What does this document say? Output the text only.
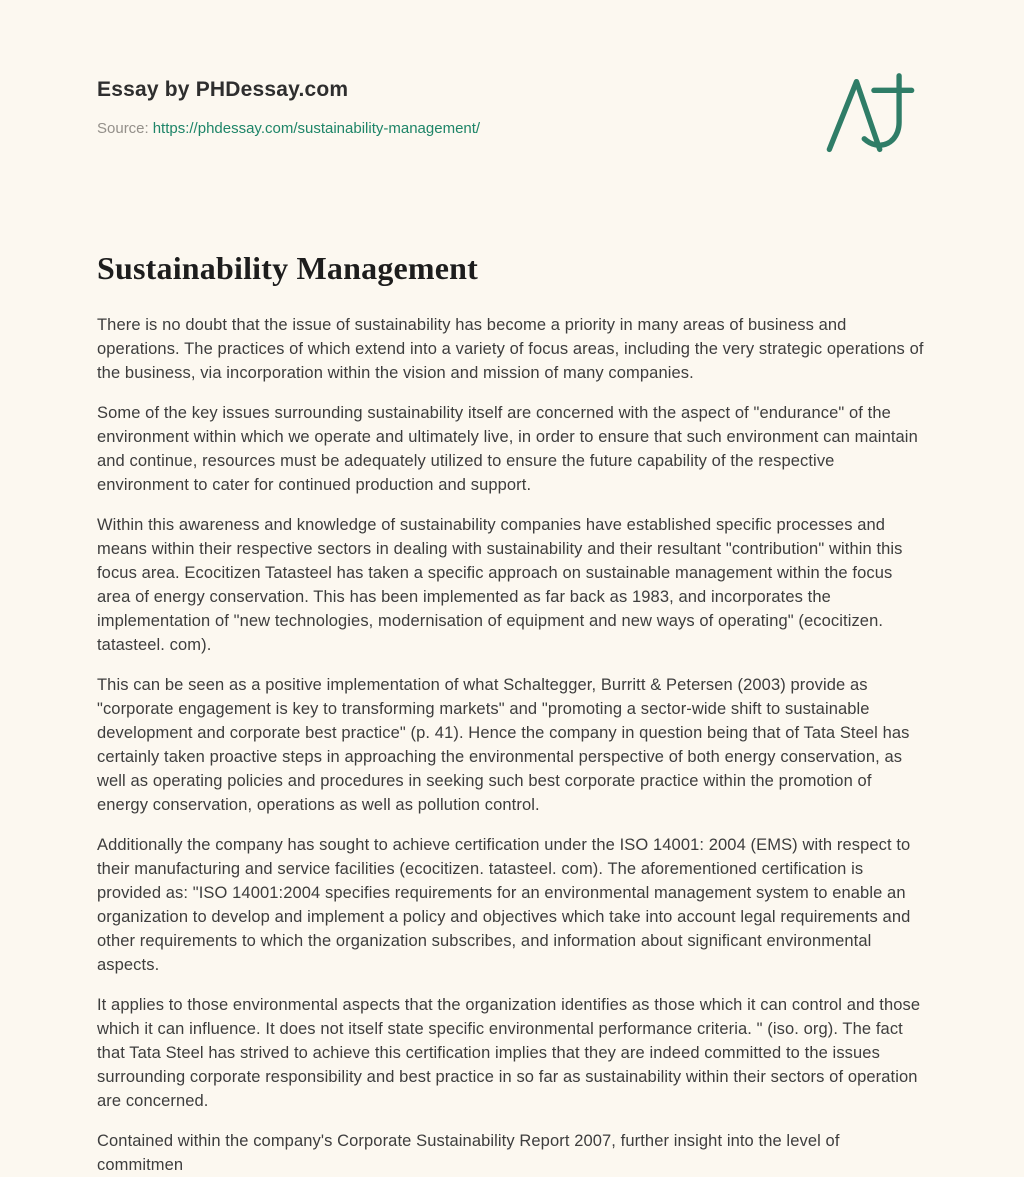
Essay by PHDessay.com
Source: https://phdessay.com/sustainability-management/
Sustainability Management

There is no doubt that the issue of sustainability has become a priority in many areas of business and operations. The practices of which extend into a variety of focus areas, including the very strategic operations of the business, via incorporation within the vision and mission of many companies.

Some of the key issues surrounding sustainability itself are concerned with the aspect of "endurance" of the environment within which we operate and ultimately live, in order to ensure that such environment can maintain and continue, resources must be adequately utilized to ensure the future capability of the respective environment to cater for continued production and support.

Within this awareness and knowledge of sustainability companies have established specific processes and means within their respective sectors in dealing with sustainability and their resultant "contribution" within this focus area. Ecocitizen Tatasteel has taken a specific approach on sustainable management within the focus area of energy conservation. This has been implemented as far back as 1983, and incorporates the implementation of "new technologies, modernisation of equipment and new ways of operating" (ecocitizen. tatasteel. com).

This can be seen as a positive implementation of what Schaltegger, Burritt & Petersen (2003) provide as "corporate engagement is key to transforming markets" and "promoting a sector-wide shift to sustainable development and corporate best practice" (p. 41). Hence the company in question being that of Tata Steel has certainly taken proactive steps in approaching the environmental perspective of both energy conservation, as well as operating policies and procedures in seeking such best corporate practice within the promotion of energy conservation, operations as well as pollution control.

Additionally the company has sought to achieve certification under the ISO 14001: 2004 (EMS) with respect to their manufacturing and service facilities (ecocitizen. tatasteel. com). The aforementioned certification is provided as: "ISO 14001:2004 specifies requirements for an environmental management system to enable an organization to develop and implement a policy and objectives which take into account legal requirements and other requirements to which the organization subscribes, and information about significant environmental aspects.

It applies to those environmental aspects that the organization identifies as those which it can control and those which it can influence. It does not itself state specific environmental performance criteria. " (iso. org). The fact that Tata Steel has strived to achieve this certification implies that they are indeed committed to the issues surrounding corporate responsibility and best practice in so far as sustainability within their sectors of operation are concerned.

Contained within the company's Corporate Sustainability Report 2007, further insight into the level of commitmen
